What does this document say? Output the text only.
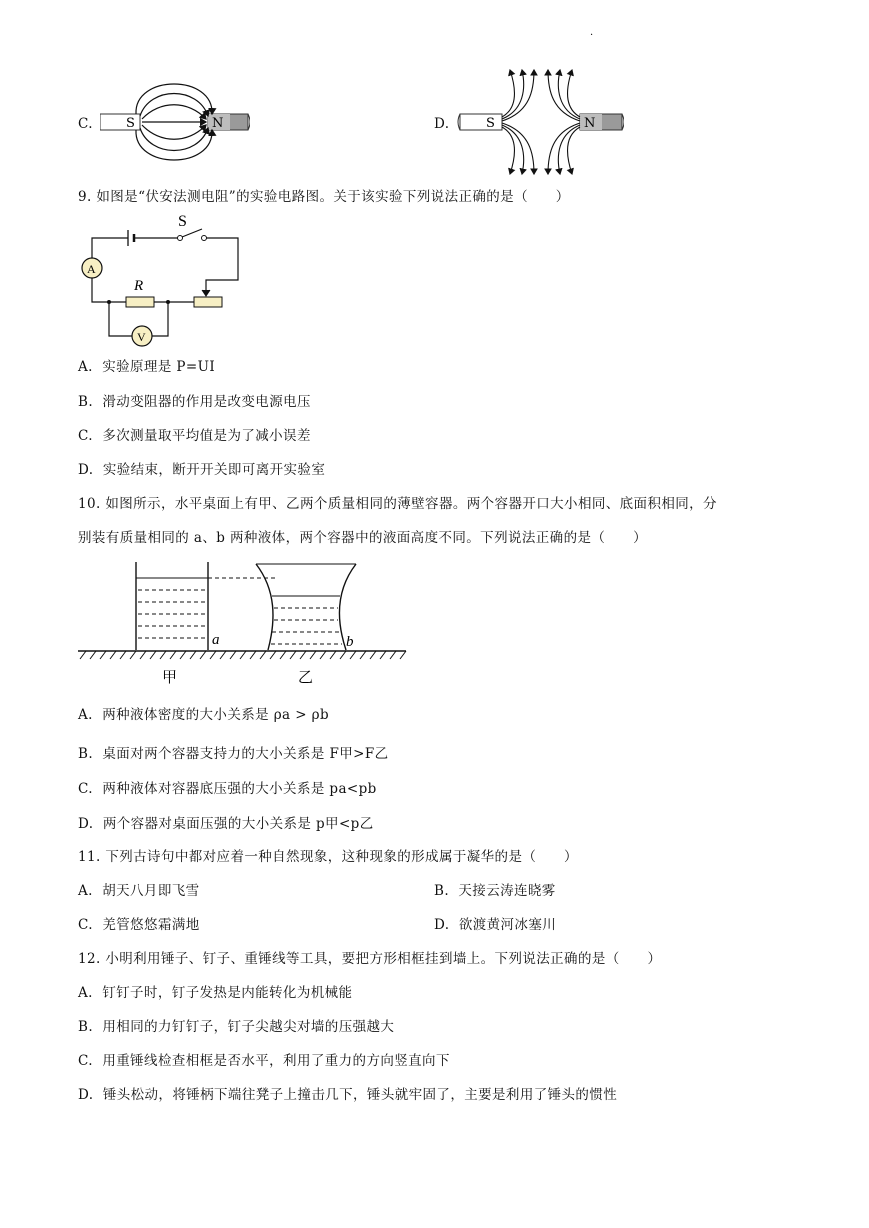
·
C.	S	N	D.	S	N
9. 如图是“伏安法测电阻”的实验电路图。关于该实验下列说法正确的是（　　）
S
A
R
V
A. 实验原理是 P=UI
B. 滑动变阻器的作用是改变电源电压
C. 多次测量取平均值是为了减小误差
D. 实验结束，断开开关即可离开实验室
10. 如图所示，水平桌面上有甲、乙两个质量相同的薄壁容器。两个容器开口大小相同、底面积相同，分
别装有质量相同的 a、b 两种液体，两个容器中的液面高度不同。下列说法正确的是（　　）
a	b
甲	乙
A. 两种液体密度的大小关系是 ρa > ρb
B. 桌面对两个容器支持力的大小关系是 F甲>F乙
C. 两种液体对容器底压强的大小关系是 pa<pb
D. 两个容器对桌面压强的大小关系是 p甲<p乙
11. 下列古诗句中都对应着一种自然现象，这种现象的形成属于凝华的是（　　）
A. 胡天八月即飞雪	B. 天接云涛连晓雾
C. 羌管悠悠霜满地	D. 欲渡黄河冰塞川
12. 小明利用锤子、钉子、重锤线等工具，要把方形相框挂到墙上。下列说法正确的是（　　）
A. 钉钉子时，钉子发热是内能转化为机械能
B. 用相同的力钉钉子，钉子尖越尖对墙的压强越大
C. 用重锤线检查相框是否水平，利用了重力的方向竖直向下
D. 锤头松动，将锤柄下端往凳子上撞击几下，锤头就牢固了，主要是利用了锤头的惯性
